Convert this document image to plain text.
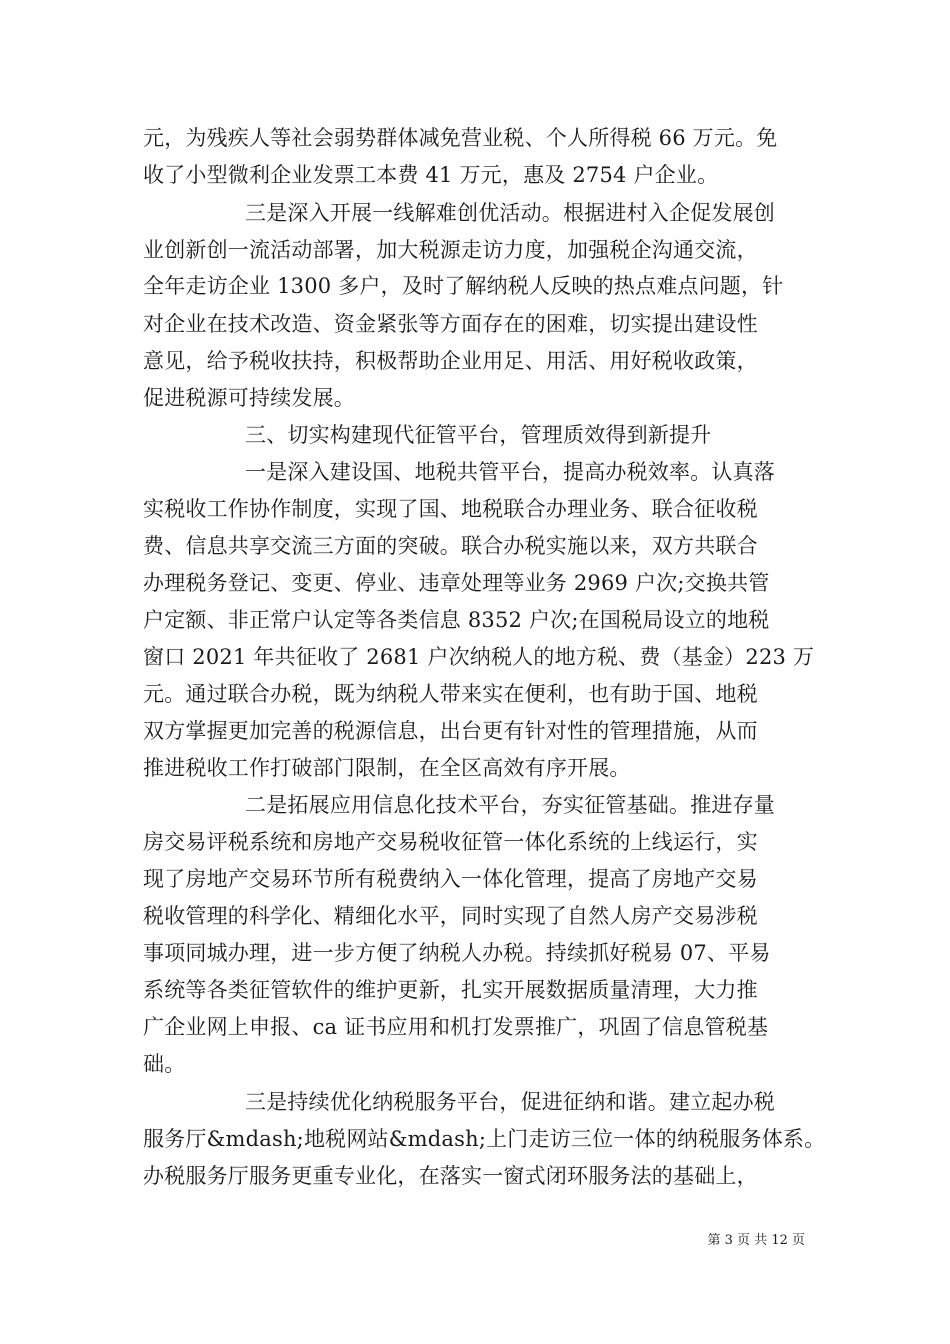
元，为残疾人等社会弱势群体减免营业税、个人所得税 66 万元。免
收了小型微利企业发票工本费 41 万元，惠及 2754 户企业。
三是深入开展一线解难创优活动。根据进村入企促发展创
业创新创一流活动部署，加大税源走访力度，加强税企沟通交流，
全年走访企业 1300 多户，及时了解纳税人反映的热点难点问题，针
对企业在技术改造、资金紧张等方面存在的困难，切实提出建设性
意见，给予税收扶持，积极帮助企业用足、用活、用好税收政策，
促进税源可持续发展。
三、切实构建现代征管平台，管理质效得到新提升
一是深入建设国、地税共管平台，提高办税效率。认真落
实税收工作协作制度，实现了国、地税联合办理业务、联合征收税
费、信息共享交流三方面的突破。联合办税实施以来，双方共联合
办理税务登记、变更、停业、违章处理等业务 2969 户次;交换共管
户定额、非正常户认定等各类信息 8352 户次;在国税局设立的地税
窗口 2021 年共征收了 2681 户次纳税人的地方税、费（基金）223 万
元。通过联合办税，既为纳税人带来实在便利，也有助于国、地税
双方掌握更加完善的税源信息，出台更有针对性的管理措施，从而
推进税收工作打破部门限制，在全区高效有序开展。
二是拓展应用信息化技术平台，夯实征管基础。推进存量
房交易评税系统和房地产交易税收征管一体化系统的上线运行，实
现了房地产交易环节所有税费纳入一体化管理，提高了房地产交易
税收管理的科学化、精细化水平，同时实现了自然人房产交易涉税
事项同城办理，进一步方便了纳税人办税。持续抓好税易 07、平易
系统等各类征管软件的维护更新，扎实开展数据质量清理，大力推
广企业网上申报、ca 证书应用和机打发票推广，巩固了信息管税基
础。
三是持续优化纳税服务平台，促进征纳和谐。建立起办税
服务厅&mdash;地税网站&mdash;上门走访三位一体的纳税服务体系。
办税服务厅服务更重专业化，在落实一窗式闭环服务法的基础上，
第 3 页 共 12 页
